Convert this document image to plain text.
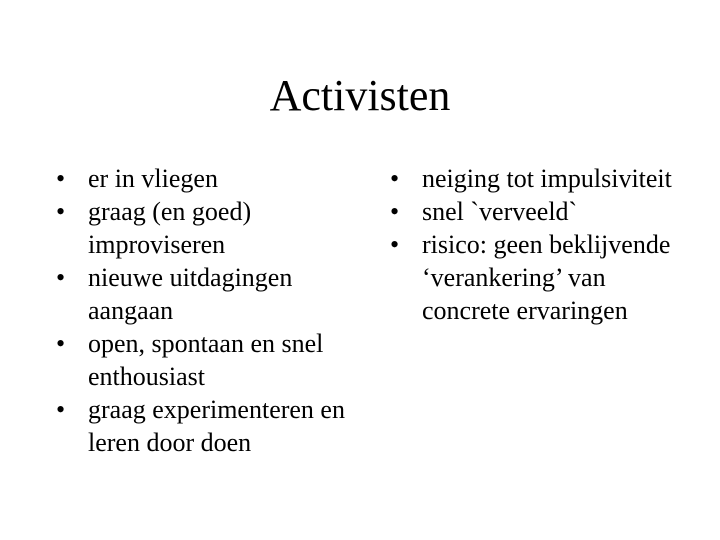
Activisten
• er in vliegen
• graag (en goed) improviseren
• nieuwe uitdagingen aangaan
• open, spontaan en snel enthousiast
• graag experimenteren en leren door doen
• neiging tot impulsiviteit
• snel `verveeld`
• risico: geen beklijvende ‘verankering’ van concrete ervaringen
